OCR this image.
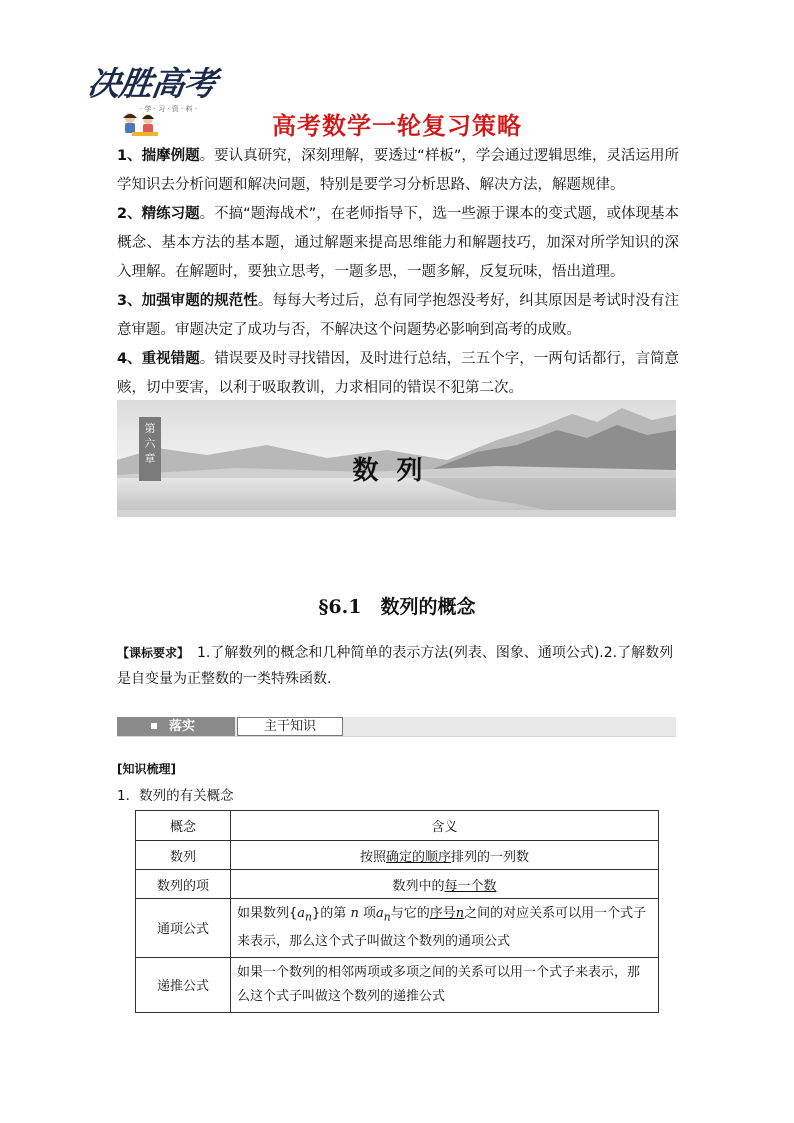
决胜高考
· 学 · 习 · 资 · 料 ·
高考数学一轮复习策略

1、揣摩例题。要认真研究，深刻理解，要透过“样板”，学会通过逻辑思维，灵活运用所学知识去分析问题和解决问题，特别是要学习分析思路、解决方法，解题规律。

2、精练习题。不搞“题海战术”，在老师指导下，选一些源于课本的变式题，或体现基本概念、基本方法的基本题，通过解题来提高思维能力和解题技巧，加深对所学知识的深入理解。在解题时，要独立思考，一题多思，一题多解，反复玩味，悟出道理。

3、加强审题的规范性。每每大考过后，总有同学抱怨没考好，纠其原因是考试时没有注意审题。审题决定了成功与否，不解决这个问题势必影响到高考的成败。

4、重视错题。错误要及时寻找错因，及时进行总结，三五个字，一两句话都行，言简意赅，切中要害，以利于吸取教训，力求相同的错误不犯第二次。

第
六
章	数列
§6.1　数列的概念
【课标要求】　1.了解数列的概念和几种简单的表示方法(列表、图象、通项公式).2.了解数列是自变量为正整数的一类特殊函数.
落实	主干知识
[知识梳理]
1．数列的有关概念
概念	含义
数列	按照确定的顺序排列的一列数
数列的项	数列中的每一个数
通项公式	如果数列$\{a_n\}$的第 n 项$a_n$与它的序号n之间的对应关系可以用一个式子来表示，那么这个式子叫做这个数列的通项公式
递推公式	如果一个数列的相邻两项或多项之间的关系可以用一个式子来表示，那么这个式子叫做这个数列的递推公式
